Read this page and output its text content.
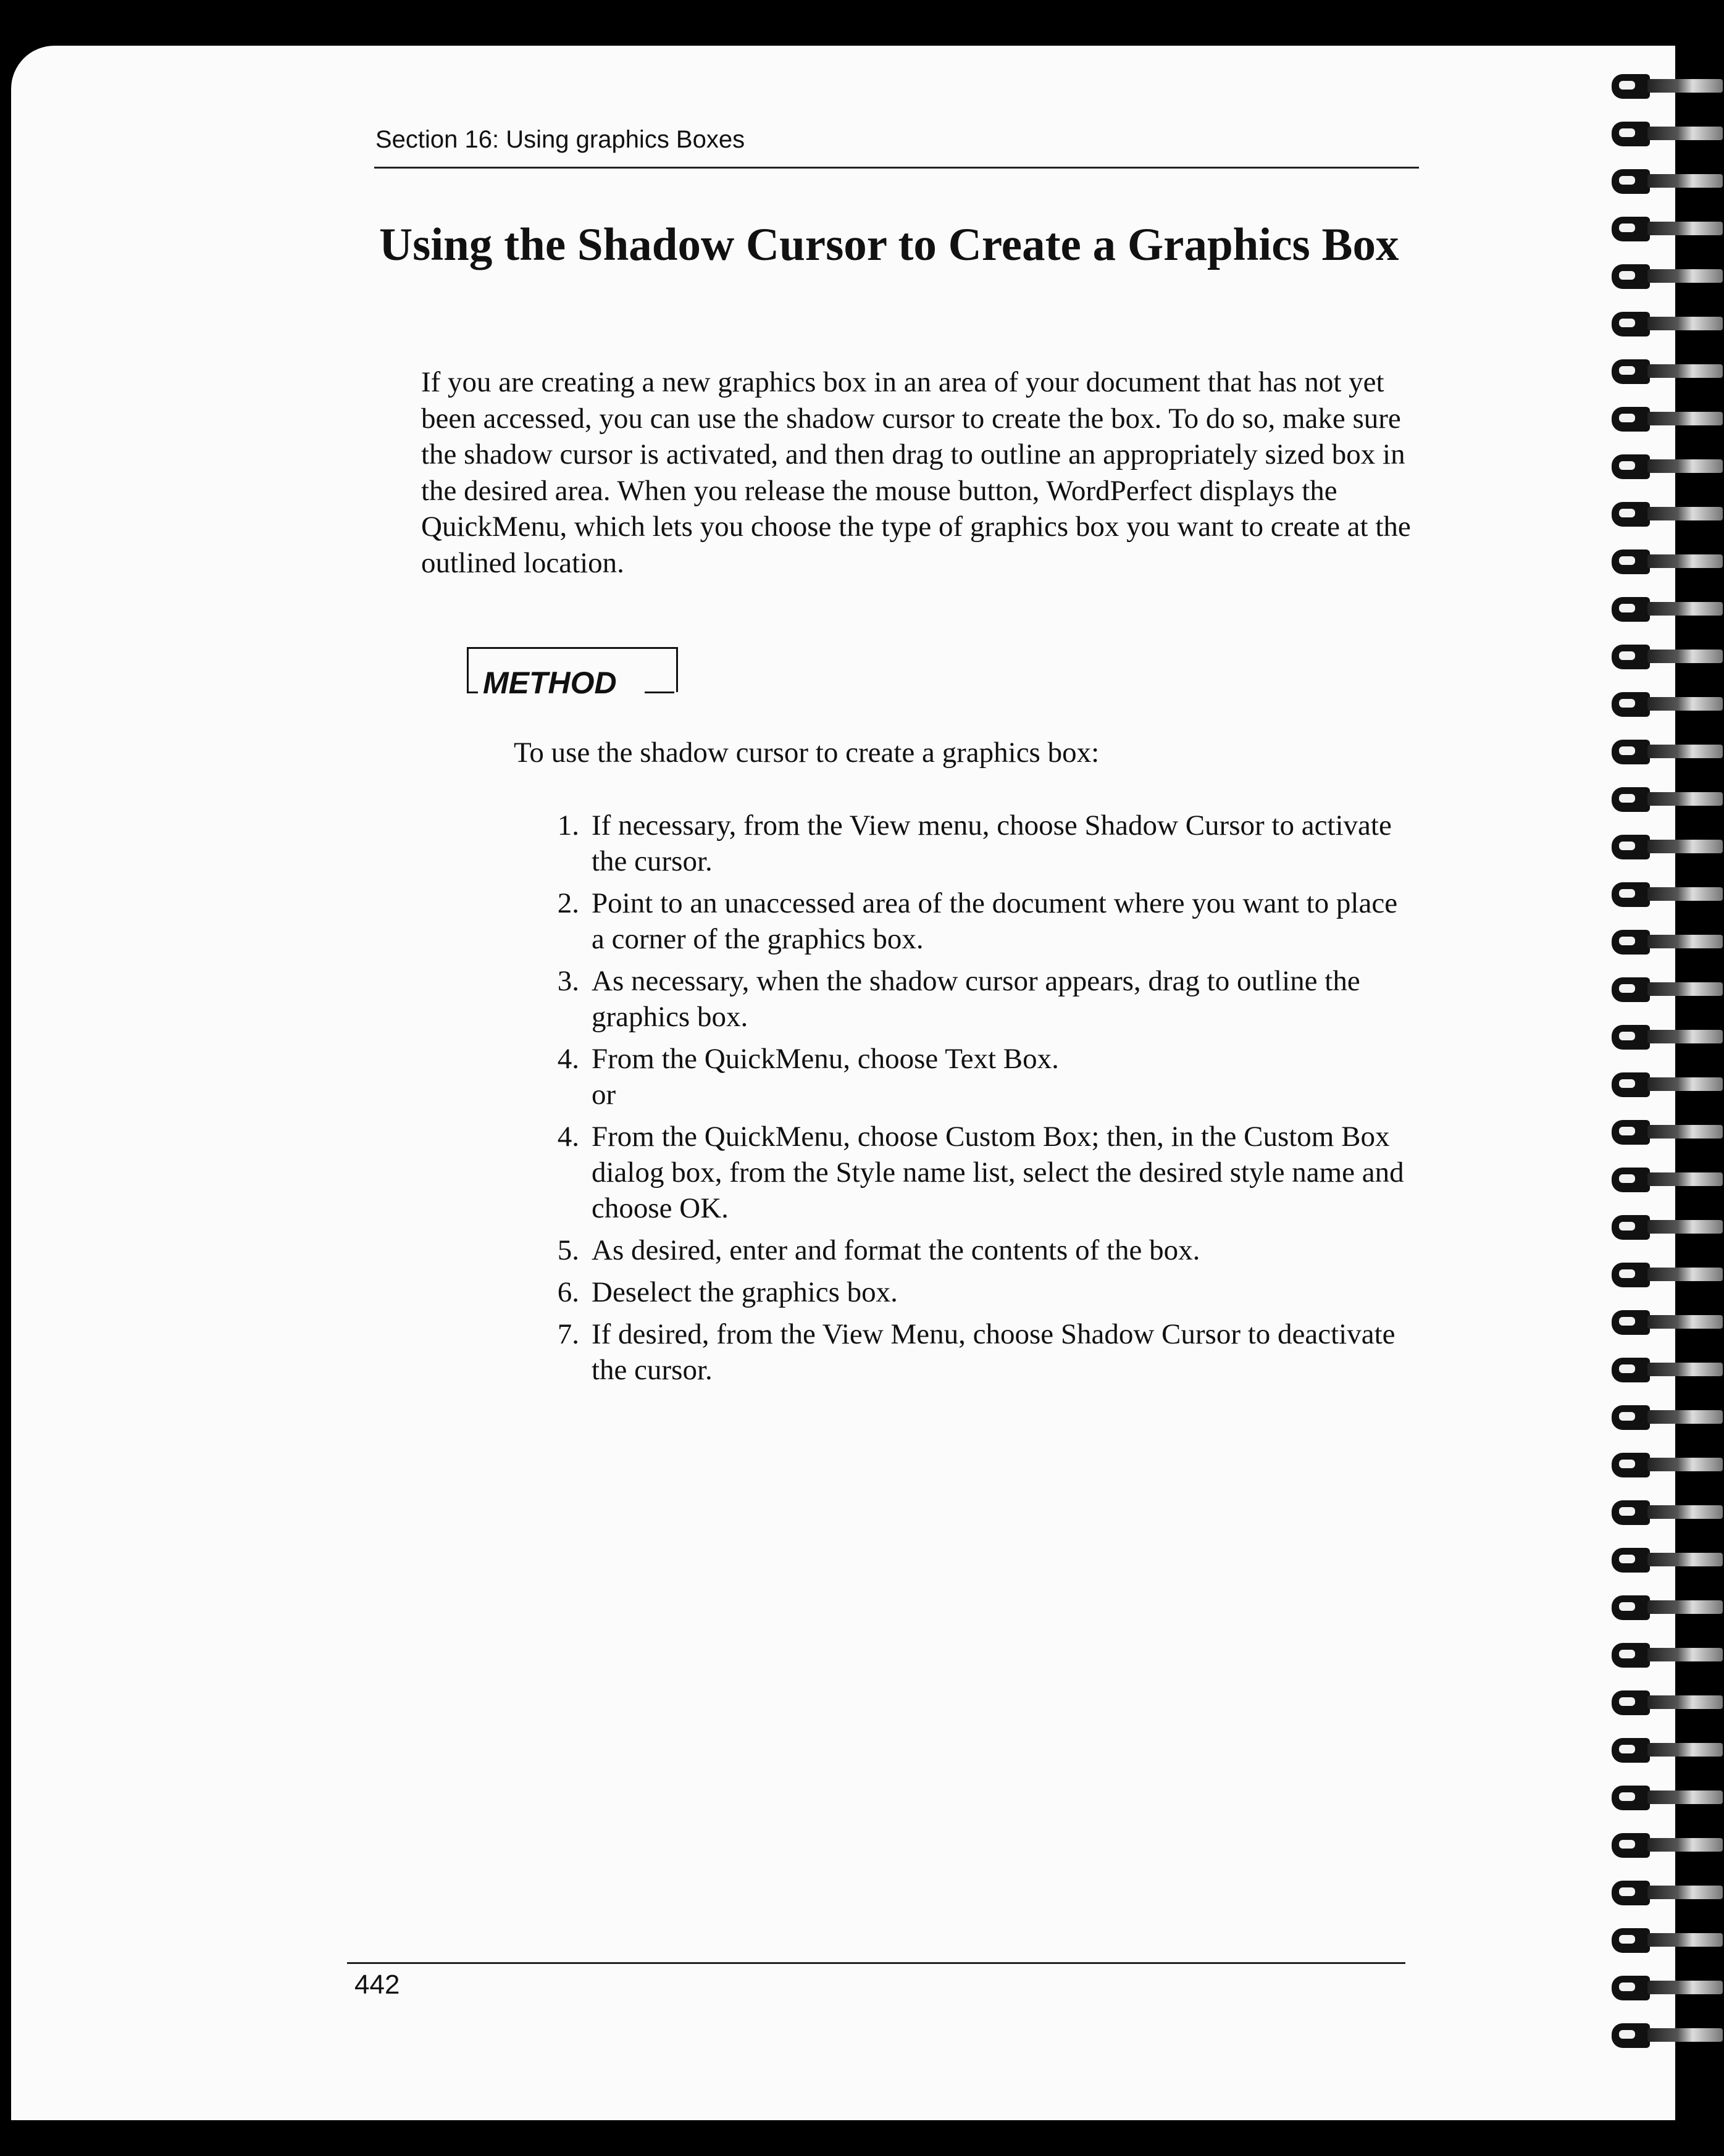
Section 16: Using graphics Boxes
Using the Shadow Cursor to Create a Graphics Box

If you are creating a new graphics box in an area of your document that has not yet been accessed, you can use the shadow cursor to create the box. To do so, make sure the shadow cursor is activated, and then drag to outline an appropriately sized box in the desired area. When you release the mouse button, WordPerfect displays the QuickMenu, which lets you choose the type of graphics box you want to create at the outlined location.

METHOD
To use the shadow cursor to create a graphics box:
1. If necessary, from the View menu, choose Shadow Cursor to activate the cursor.
2. Point to an unaccessed area of the document where you want to place a corner of the graphics box.
3. As necessary, when the shadow cursor appears, drag to outline the graphics box.
4. From the QuickMenu, choose Text Box.
or
4. From the QuickMenu, choose Custom Box; then, in the Custom Box dialog box, from the Style name list, select the desired style name and choose OK.
5. As desired, enter and format the contents of the box.
6. Deselect the graphics box.
7. If desired, from the View Menu, choose Shadow Cursor to deactivate the cursor.
442
